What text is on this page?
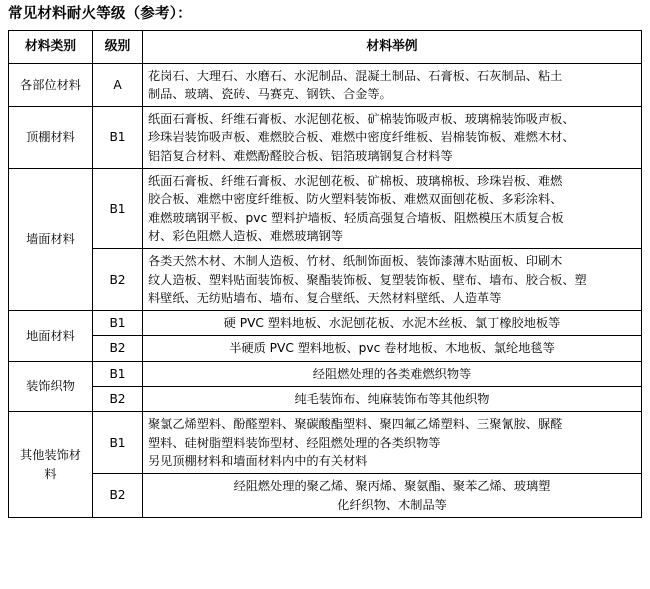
常见材料耐火等级（参考）：
材料类别	级别	材料举例
各部位材料	A	花岗石、大理石、水磨石、水泥制品、混凝土制品、石膏板、石灰制品、粘土
制品、玻璃、瓷砖、马赛克、钢铁、合金等。

顶棚材料	B1	纸面石膏板、纤维石膏板、水泥刨花板、矿棉装饰吸声板、玻璃棉装饰吸声板、
珍珠岩装饰吸声板、难燃胶合板、难燃中密度纤维板、岩棉装饰板、难燃木材、
铝箔复合材料、难燃酚醛胶合板、铝箔玻璃钢复合材料等

墙面材料	B1	纸面石膏板、纤维石膏板、水泥刨花板、矿棉板、玻璃棉板、珍珠岩板、难燃
胶合板、难燃中密度纤维板、防火塑料装饰板、难燃双面刨花板、多彩涂料、
难燃玻璃钢平板、pvc 塑料护墙板、轻质高强复合墙板、阻燃模压木质复合板
材、彩色阻燃人造板、难燃玻璃钢等

	B2	各类天然木材、木制人造板、竹材、纸制饰面板、装饰漆薄木贴面板、印刷木
纹人造板、塑料贴面装饰板、聚酯装饰板、复塑装饰板、壁布、墙布、胶合板、塑
料壁纸、无纺贴墙布、墙布、复合壁纸、天然材料壁纸、人造革等

地面材料	B1	硬 PVC 塑料地板、水泥刨花板、水泥木丝板、氯丁橡胶地板等

	B2	半硬质 PVC 塑料地板、pvc 卷材地板、木地板、氯纶地毯等

装饰织物	B1	经阻燃处理的各类难燃织物等

	B2	纯毛装饰布、纯麻装饰布等其他织物

其他装饰材料	B1	聚氯乙烯塑料、酚醛塑料、聚碳酸酯塑料、聚四氟乙烯塑料、三聚氰胺、脲醛
塑料、硅树脂塑料装饰型材、经阻燃处理的各类织物等
另见顶棚材料和墙面材料内中的有关材料

	B2	经阻燃处理的聚乙烯、聚丙烯、聚氨酯、聚苯乙烯、玻璃塑
化纤织物、木制品等
